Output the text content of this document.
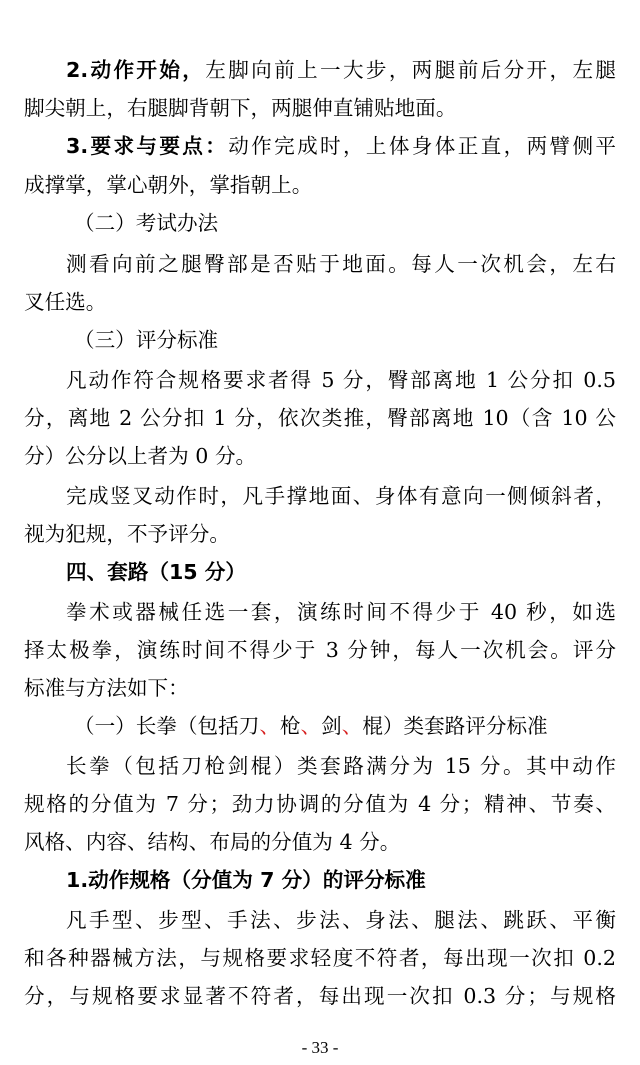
2.动作开始，左脚向前上一大步，两腿前后分开，左腿
脚尖朝上，右腿脚背朝下，两腿伸直铺贴地面。
3.要求与要点：动作完成时，上体身体正直，两臂侧平
成撑掌，掌心朝外，掌指朝上。
（二）考试办法
测看向前之腿臀部是否贴于地面。每人一次机会，左右
叉任选。
（三）评分标准
凡动作符合规格要求者得 5 分，臀部离地 1 公分扣 0.5
分，离地 2 公分扣 1 分，依次类推，臀部离地 10（含 10 公
分）公分以上者为 0 分。
完成竖叉动作时，凡手撑地面、身体有意向一侧倾斜者，
视为犯规，不予评分。
四、套路（15 分）
拳术或器械任选一套，演练时间不得少于 40 秒，如选
择太极拳，演练时间不得少于 3 分钟，每人一次机会。评分
标准与方法如下：
（一）长拳（包括刀、枪、剑、棍）类套路评分标准
长拳（包括刀枪剑棍）类套路满分为 15 分。其中动作
规格的分值为 7 分；劲力协调的分值为 4 分；精神、节奏、
风格、内容、结构、布局的分值为 4 分。
1.动作规格（分值为 7 分）的评分标准
凡手型、步型、手法、步法、身法、腿法、跳跃、平衡
和各种器械方法，与规格要求轻度不符者，每出现一次扣 0.2
分，与规格要求显著不符者，每出现一次扣 0.3 分；与规格
- 33 -
